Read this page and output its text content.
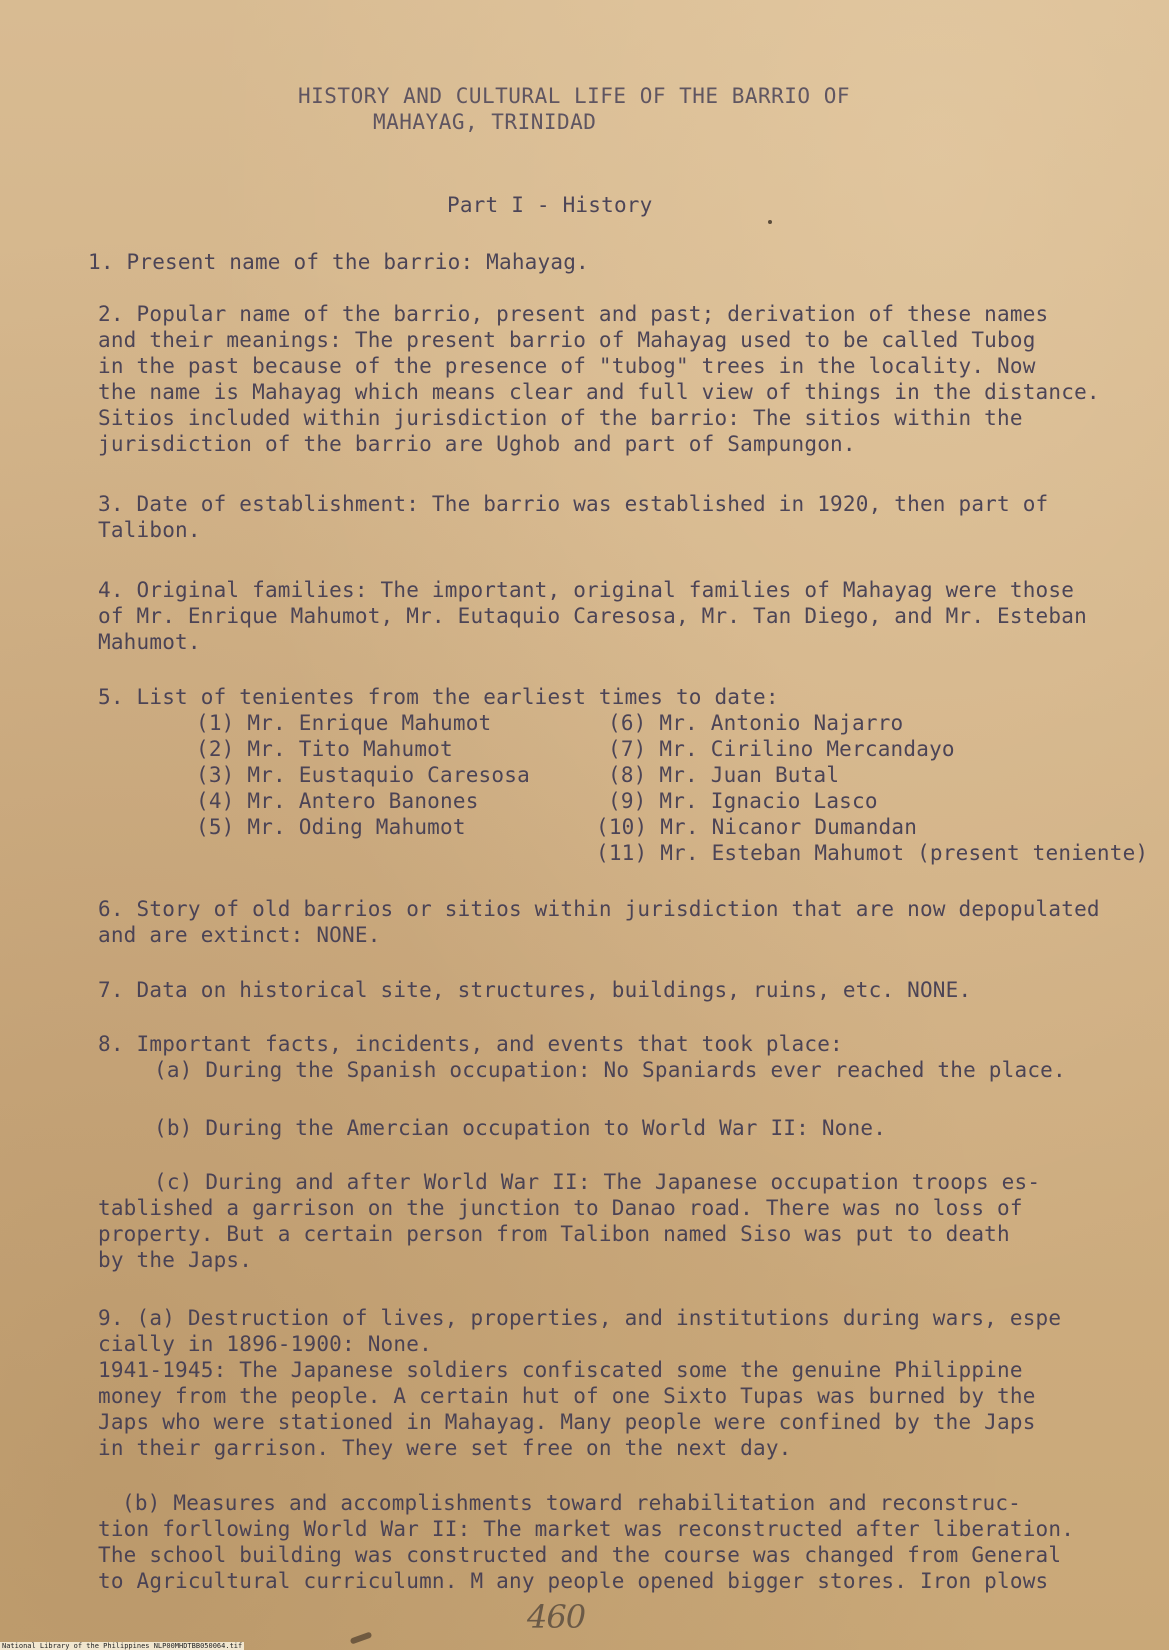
HISTORY AND CULTURAL LIFE OF THE BARRIO OF
MAHAYAG, TRINIDAD
Part I - History
1. Present name of the barrio: Mahayag.
2. Popular name of the barrio, present and past; derivation of these names
and their meanings: The present barrio of Mahayag used to be called Tubog
in the past because of the presence of "tubog" trees in the locality. Now
the name is Mahayag which means clear and full view of things in the distance.
Sitios included within jurisdiction of the barrio: The sitios within the
jurisdiction of the barrio are Ughob and part of Sampungon.
3. Date of establishment: The barrio was established in 1920, then part of
Talibon.
4. Original families: The important, original families of Mahayag were those
of Mr. Enrique Mahumot, Mr. Eutaquio Caresosa, Mr. Tan Diego, and Mr. Esteban
Mahumot.
5. List of tenientes from the earliest times to date:
(1) Mr. Enrique Mahumot
(2) Mr. Tito Mahumot
(3) Mr. Eustaquio Caresosa
(4) Mr. Antero Banones
(5) Mr. Oding Mahumot
(6) Mr. Antonio Najarro
(7) Mr. Cirilino Mercandayo
(8) Mr. Juan Butal
(9) Mr. Ignacio Lasco
(10) Mr. Nicanor Dumandan
(11) Mr. Esteban Mahumot (present teniente)
6. Story of old barrios or sitios within jurisdiction that are now depopulated
and are extinct: NONE.
7. Data on historical site, structures, buildings, ruins, etc. NONE.
8. Important facts, incidents, and events that took place:
(a) During the Spanish occupation: No Spaniards ever reached the place.
(b) During the Amercian occupation to World War II: None.
(c) During and after World War II: The Japanese occupation troops es-
tablished a garrison on the junction to Danao road. There was no loss of
property. But a certain person from Talibon named Siso was put to death
by the Japs.
9. (a) Destruction of lives, properties, and institutions during wars, espe
cially in 1896-1900: None.
1941-1945: The Japanese soldiers confiscated some the genuine Philippine
money from the people. A certain hut of one Sixto Tupas was burned by the
Japs who were stationed in Mahayag. Many people were confined by the Japs
in their garrison. They were set free on the next day.
(b) Measures and accomplishments toward rehabilitation and reconstruc-
tion forllowing World War II: The market was reconstructed after liberation.
The school building was constructed and the course was changed from General
to Agricultural curriculumn. M any people opened bigger stores. Iron plows
460
National Library of the Philippines NLP00MHDTBB050064.tif
